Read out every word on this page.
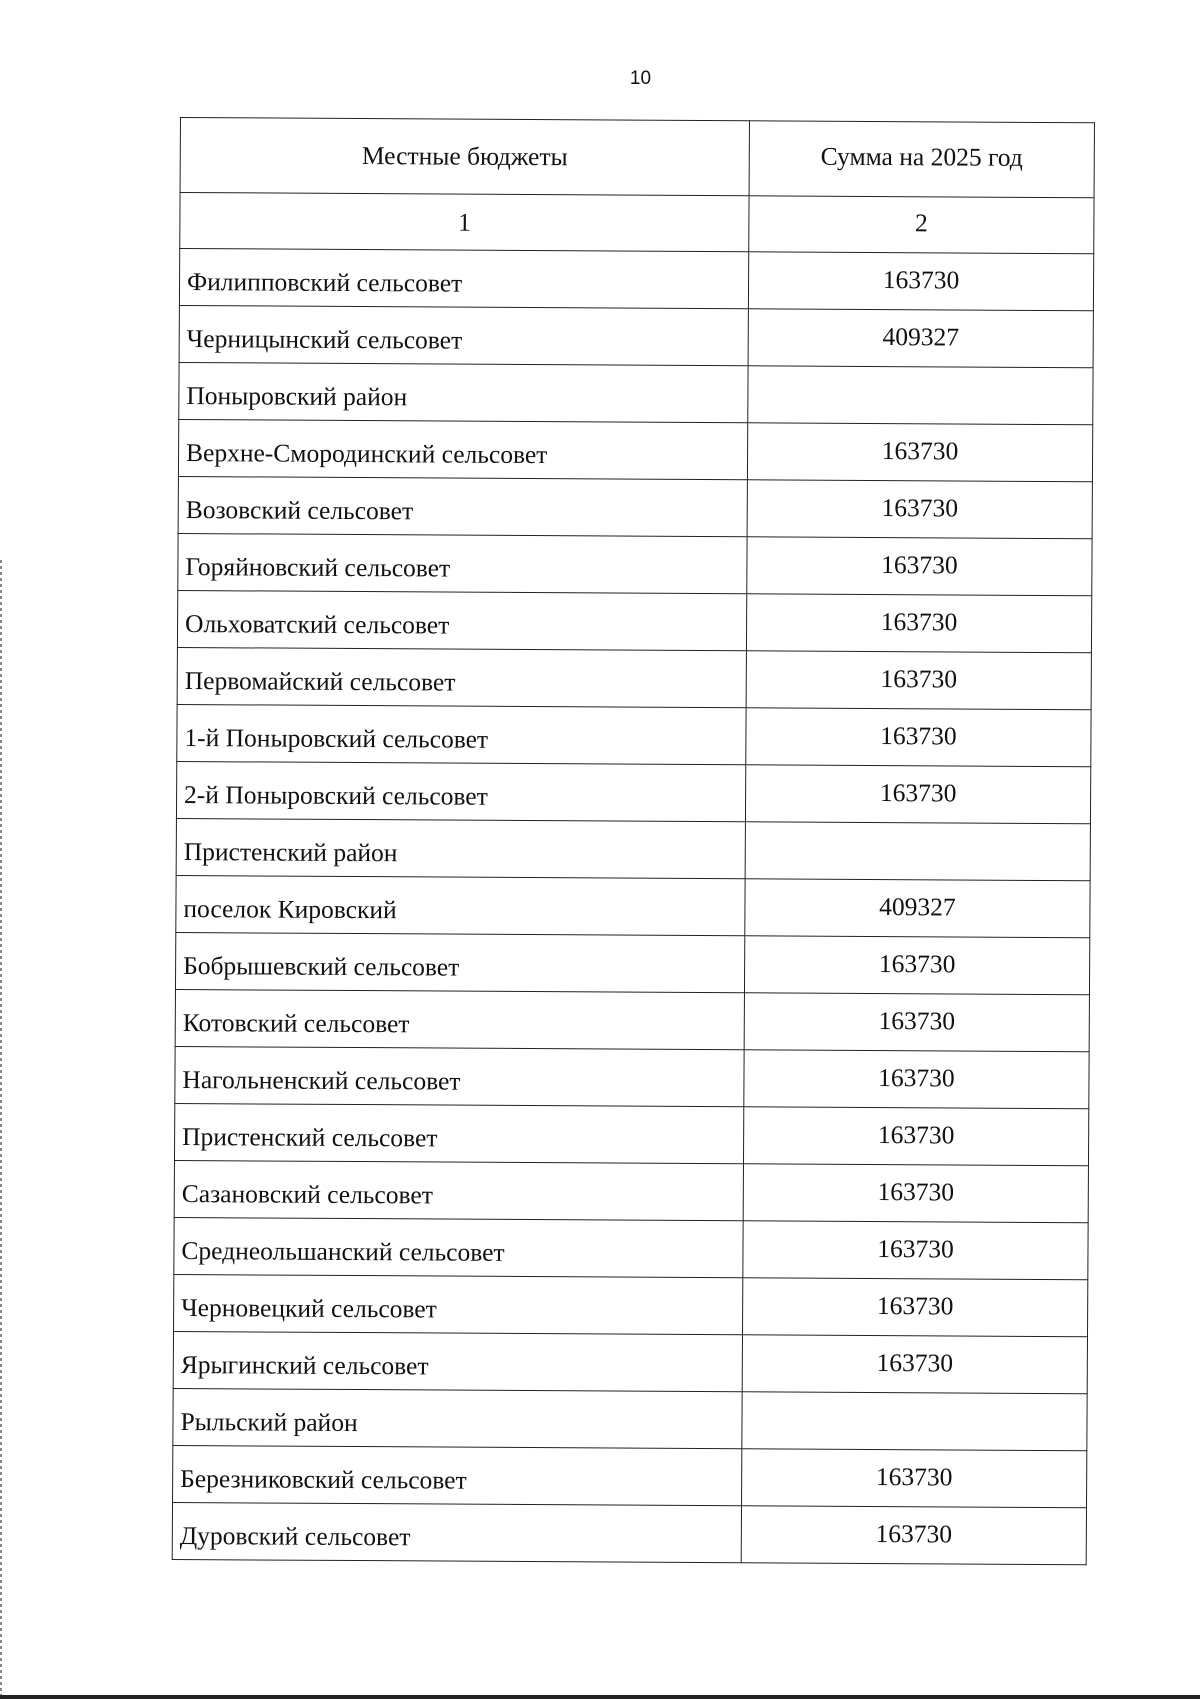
10
Местные бюджеты	Сумма на 2025 год
1	2
Филипповский сельсовет	163730
Черницынский сельсовет	409327
Поныровский район	
Верхне-Смородинский сельсовет	163730
Возовский сельсовет	163730
Горяйновский сельсовет	163730
Ольховатский сельсовет	163730
Первомайский сельсовет	163730
1-й Поныровский сельсовет	163730
2-й Поныровский сельсовет	163730
Пристенский район	
поселок Кировский	409327
Бобрышевский сельсовет	163730
Котовский сельсовет	163730
Нагольненский сельсовет	163730
Пристенский сельсовет	163730
Сазановский сельсовет	163730
Среднеольшанский сельсовет	163730
Черновецкий сельсовет	163730
Ярыгинский сельсовет	163730
Рыльский район	
Березниковский сельсовет	163730
Дуровский сельсовет	163730
